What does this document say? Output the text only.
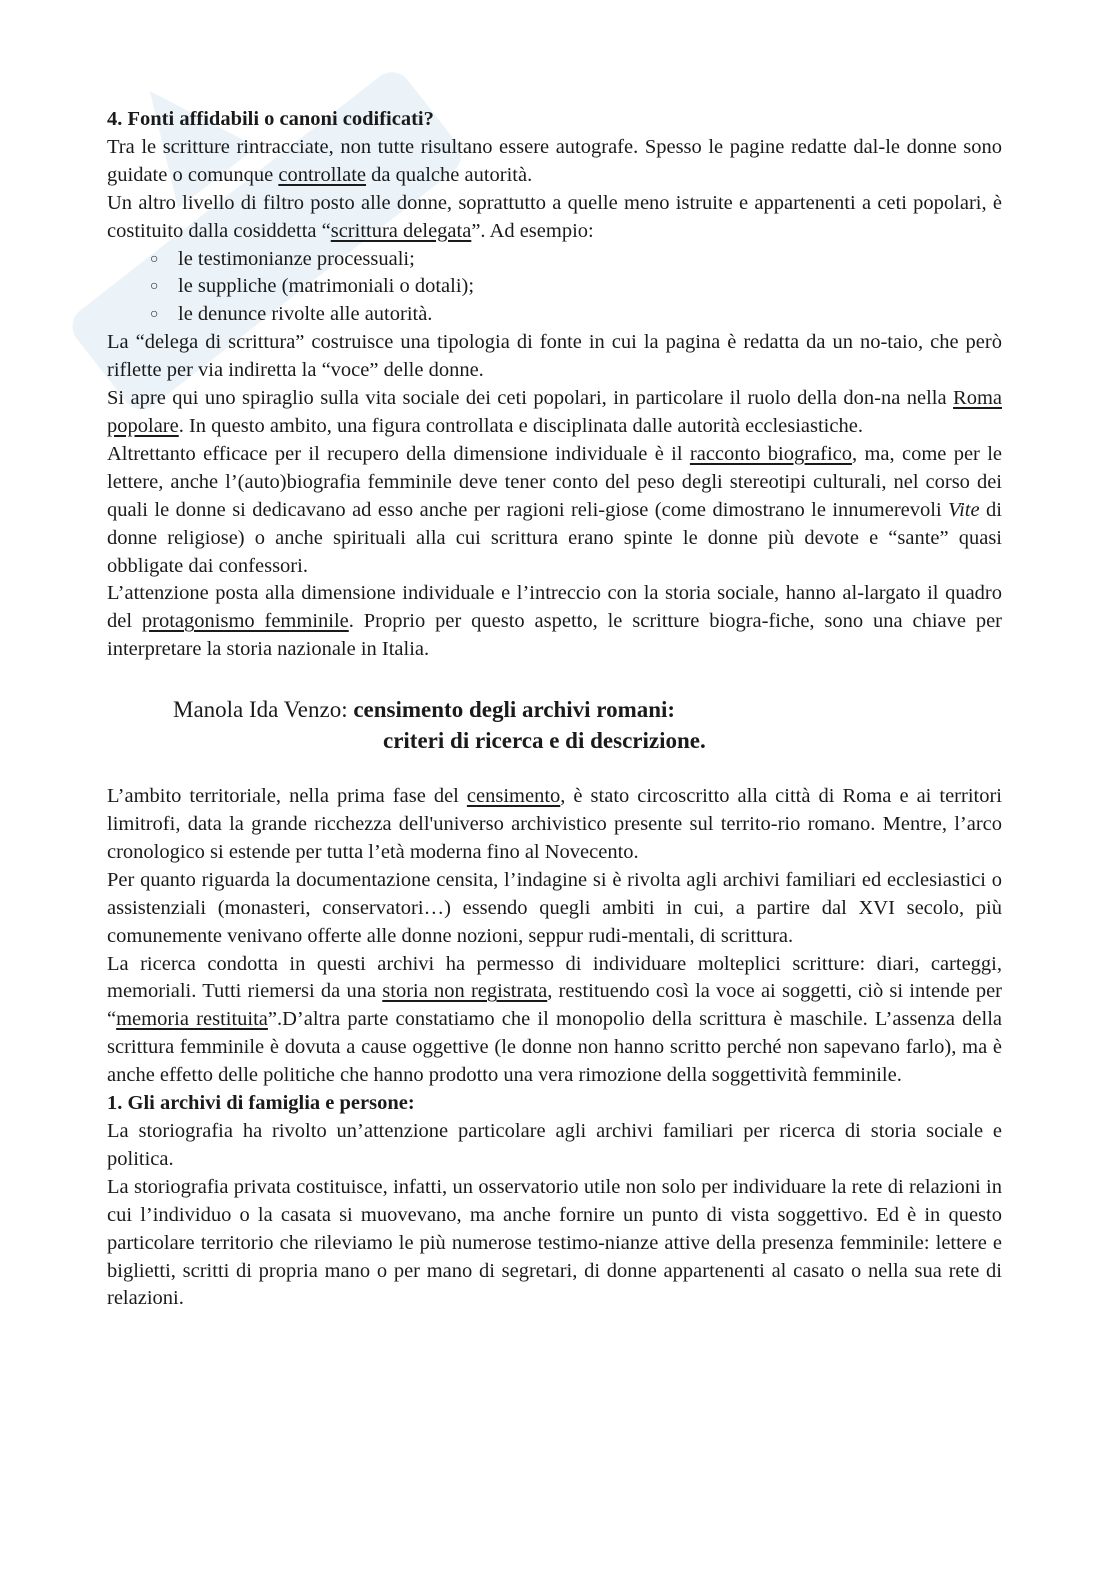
4. Fonti affidabili o canoni codificati?

Tra le scritture rintracciate, non tutte risultano essere autografe. Spesso le pagine redatte dal-le donne sono guidate o comunque controllate da qualche autorità.

Un altro livello di filtro posto alle donne, soprattutto a quelle meno istruite e appartenenti a ceti popolari, è costituito dalla cosiddetta “scrittura delegata”. Ad esempio:

○ le testimonianze processuali;
○ le suppliche (matrimoniali o dotali);
○ le denunce rivolte alle autorità.

La “delega di scrittura” costruisce una tipologia di fonte in cui la pagina è redatta da un no-taio, che però riflette per via indiretta la “voce” delle donne.

Si apre qui uno spiraglio sulla vita sociale dei ceti popolari, in particolare il ruolo della don-na nella Roma popolare. In questo ambito, una figura controllata e disciplinata dalle autorità ecclesiastiche.

Altrettanto efficace per il recupero della dimensione individuale è il racconto biografico, ma, come per le lettere, anche l’(auto)biografia femminile deve tener conto del peso degli stereotipi culturali, nel corso dei quali le donne si dedicavano ad esso anche per ragioni reli-giose (come dimostrano le innumerevoli Vite di donne religiose) o anche spirituali alla cui scrittura erano spinte le donne più devote e “sante” quasi obbligate dai confessori.

L’attenzione posta alla dimensione individuale e l’intreccio con la storia sociale, hanno al-largato il quadro del protagonismo femminile. Proprio per questo aspetto, le scritture biogra-fiche, sono una chiave per interpretare la storia nazionale in Italia.

Manola Ida Venzo: censimento degli archivi romani:
criteri di ricerca e di descrizione.

L’ambito territoriale, nella prima fase del censimento, è stato circoscritto alla città di Roma e ai territori limitrofi, data la grande ricchezza dell'universo archivistico presente sul territo-rio romano. Mentre, l’arco cronologico si estende per tutta l’età moderna fino al Novecento.

Per quanto riguarda la documentazione censita, l’indagine si è rivolta agli archivi familiari ed ecclesiastici o assistenziali (monasteri, conservatori…) essendo quegli ambiti in cui, a partire dal XVI secolo, più comunemente venivano offerte alle donne nozioni, seppur rudi-mentali, di scrittura.

La ricerca condotta in questi archivi ha permesso di individuare molteplici scritture: diari, carteggi, memoriali. Tutti riemersi da una storia non registrata, restituendo così la voce ai soggetti, ciò si intende per “memoria restituita”.D’altra parte constatiamo che il monopolio della scrittura è maschile. L’assenza della scrittura femminile è dovuta a cause oggettive (le donne non hanno scritto perché non sapevano farlo), ma è anche effetto delle politiche che hanno prodotto una vera rimozione della soggettività femminile.

1. Gli archivi di famiglia e persone:

La storiografia ha rivolto un’attenzione particolare agli archivi familiari per ricerca di storia sociale e politica.

La storiografia privata costituisce, infatti, un osservatorio utile non solo per individuare la rete di relazioni in cui l’individuo o la casata si muovevano, ma anche fornire un punto di vista soggettivo. Ed è in questo particolare territorio che rileviamo le più numerose testimo-nianze attive della presenza femminile: lettere e biglietti, scritti di propria mano o per mano di segretari, di donne appartenenti al casato o nella sua rete di relazioni.
